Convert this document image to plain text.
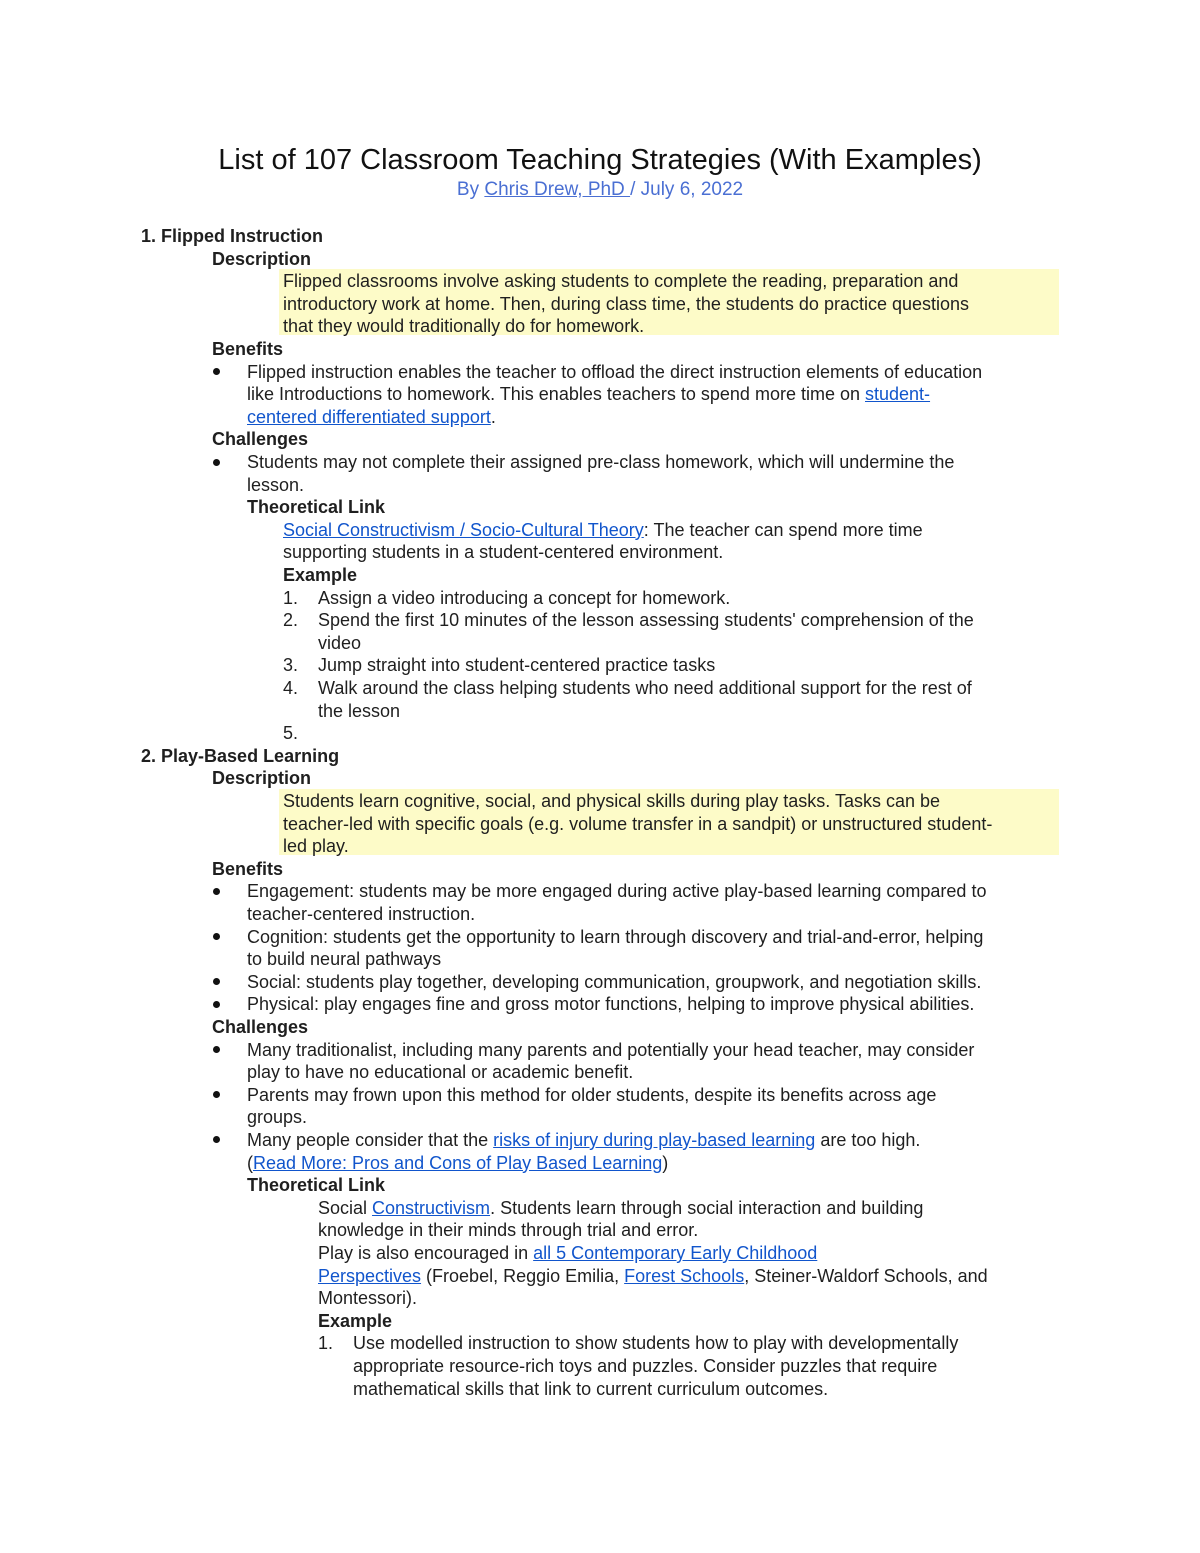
List of 107 Classroom Teaching Strategies (With Examples)
By Chris Drew, PhD / July 6, 2022
1. Flipped Instruction
Description
Flipped classrooms involve asking students to complete the reading, preparation and
introductory work at home. Then, during class time, the students do practice questions
that they would traditionally do for homework.
Benefits
Flipped instruction enables the teacher to offload the direct instruction elements of education
like Introductions to homework. This enables teachers to spend more time on student-
centered differentiated support.
Challenges
Students may not complete their assigned pre-class homework, which will undermine the
lesson.
Theoretical Link
Social Constructivism / Socio-Cultural Theory: The teacher can spend more time
supporting students in a student-centered environment.
Example
1. Assign a video introducing a concept for homework.
2. Spend the first 10 minutes of the lesson assessing students' comprehension of the
video
3. Jump straight into student-centered practice tasks
4. Walk around the class helping students who need additional support for the rest of
the lesson
5.
2. Play-Based Learning
Description
Students learn cognitive, social, and physical skills during play tasks. Tasks can be
teacher-led with specific goals (e.g. volume transfer in a sandpit) or unstructured student-
led play.
Benefits
Engagement: students may be more engaged during active play-based learning compared to
teacher-centered instruction.
Cognition: students get the opportunity to learn through discovery and trial-and-error, helping
to build neural pathways
Social: students play together, developing communication, groupwork, and negotiation skills.
Physical: play engages fine and gross motor functions, helping to improve physical abilities.
Challenges
Many traditionalist, including many parents and potentially your head teacher, may consider
play to have no educational or academic benefit.
Parents may frown upon this method for older students, despite its benefits across age
groups.
Many people consider that the risks of injury during play-based learning are too high.
(Read More: Pros and Cons of Play Based Learning)
Theoretical Link
Social Constructivism. Students learn through social interaction and building
knowledge in their minds through trial and error.
Play is also encouraged in all 5 Contemporary Early Childhood
Perspectives (Froebel, Reggio Emilia, Forest Schools, Steiner-Waldorf Schools, and
Montessori).
Example
1. Use modelled instruction to show students how to play with developmentally
appropriate resource-rich toys and puzzles. Consider puzzles that require
mathematical skills that link to current curriculum outcomes.
